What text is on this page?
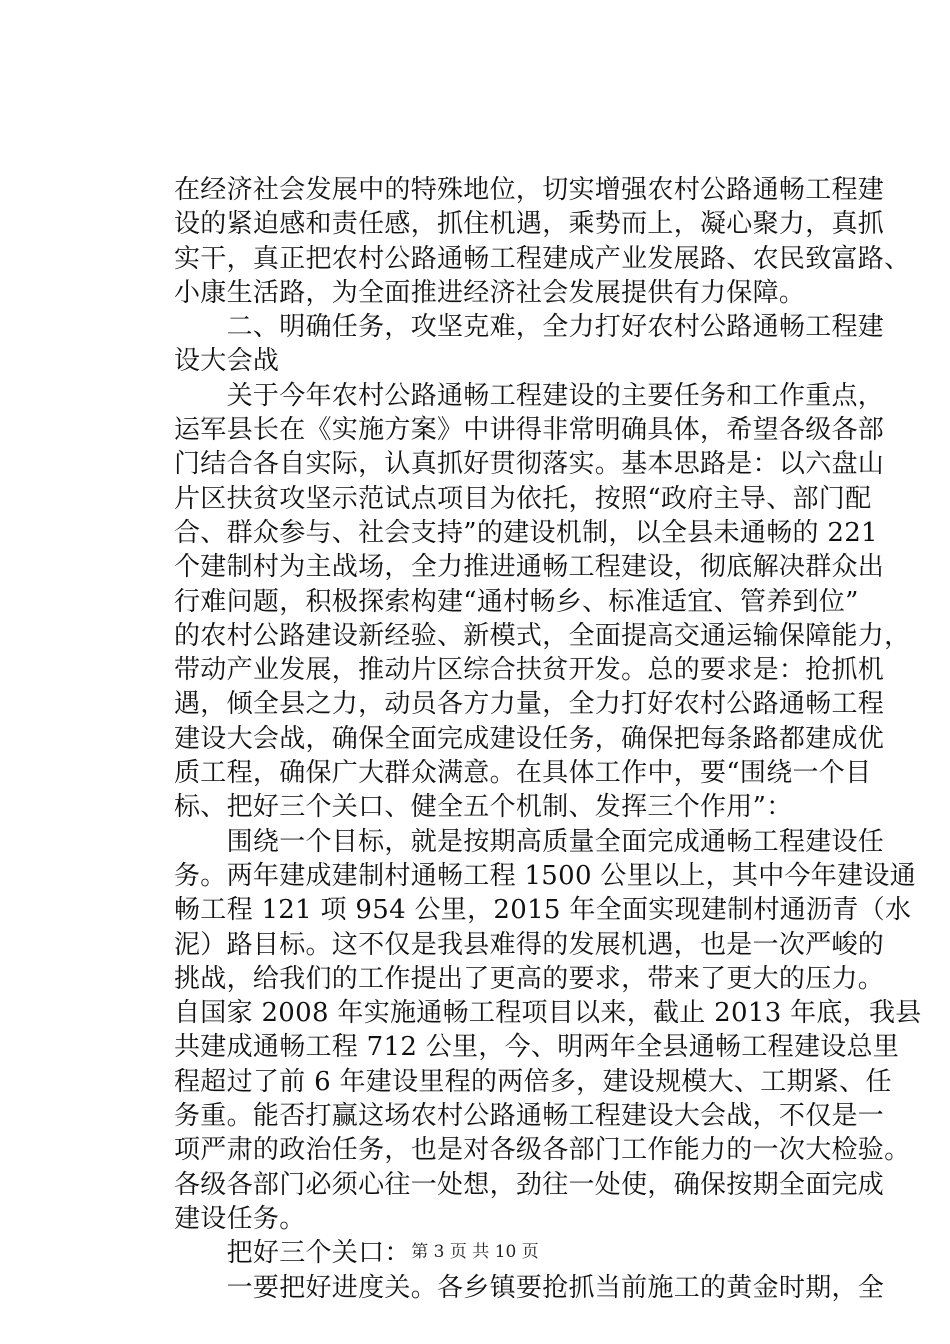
在经济社会发展中的特殊地位，切实增强农村公路通畅工程建
设的紧迫感和责任感，抓住机遇，乘势而上，凝心聚力，真抓
实干，真正把农村公路通畅工程建成产业发展路、农民致富路、
小康生活路，为全面推进经济社会发展提供有力保障。
　　二、明确任务，攻坚克难，全力打好农村公路通畅工程建
设大会战
　　关于今年农村公路通畅工程建设的主要任务和工作重点，
运军县长在《实施方案》中讲得非常明确具体，希望各级各部
门结合各自实际，认真抓好贯彻落实。基本思路是：以六盘山
片区扶贫攻坚示范试点项目为依托，按照“政府主导、部门配
合、群众参与、社会支持”的建设机制，以全县未通畅的 221
个建制村为主战场，全力推进通畅工程建设，彻底解决群众出
行难问题，积极探索构建“通村畅乡、标准适宜、管养到位”
的农村公路建设新经验、新模式，全面提高交通运输保障能力，
带动产业发展，推动片区综合扶贫开发。总的要求是：抢抓机
遇，倾全县之力，动员各方力量，全力打好农村公路通畅工程
建设大会战，确保全面完成建设任务，确保把每条路都建成优
质工程，确保广大群众满意。在具体工作中，要“围绕一个目
标、把好三个关口、健全五个机制、发挥三个作用”：
　　围绕一个目标，就是按期高质量全面完成通畅工程建设任
务。两年建成建制村通畅工程 1500 公里以上，其中今年建设通
畅工程 121 项 954 公里，2015 年全面实现建制村通沥青（水
泥）路目标。这不仅是我县难得的发展机遇，也是一次严峻的
挑战，给我们的工作提出了更高的要求，带来了更大的压力。
自国家 2008 年实施通畅工程项目以来，截止 2013 年底，我县
共建成通畅工程 712 公里，今、明两年全县通畅工程建设总里
程超过了前 6 年建设里程的两倍多，建设规模大、工期紧、任
务重。能否打赢这场农村公路通畅工程建设大会战，不仅是一
项严肃的政治任务，也是对各级各部门工作能力的一次大检验。
各级各部门必须心往一处想，劲往一处使，确保按期全面完成
建设任务。
　　把好三个关口：
　　一要把好进度关。各乡镇要抢抓当前施工的黄金时期，全
第 3 页 共 10 页
